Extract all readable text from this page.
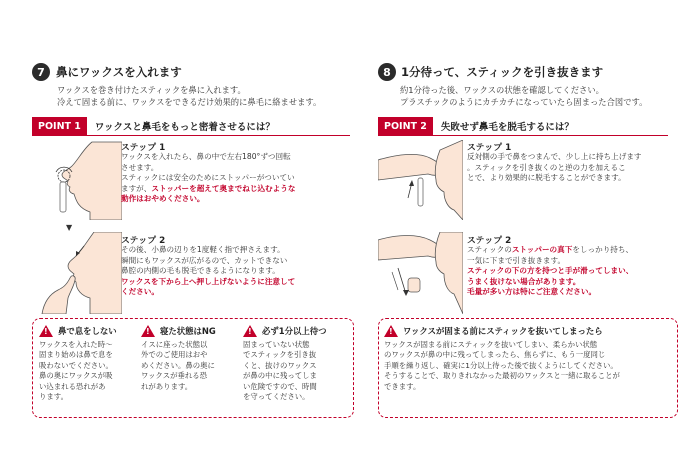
7 鼻にワックスを入れます
ワックスを巻き付けたスティックを鼻に入れます。
冷えて固まる前に、ワックスをできるだけ効果的に鼻毛に絡ませます。
POINT 1	ワックスと鼻毛をもっと密着させるには？
ステップ 1
ワックスを入れたら、鼻の中で左右180°ずつ回転
させます。
スティックには安全のためにストッパーがついてい
ますが、ストッパーを超えて奥までねじ込むような
動作はおやめください。
▼
ステップ 2
その後、小鼻の辺りを1度軽く指で押さえます。
瞬間にもワックスが広がるので、カットできない
鼻腔の内側の毛も脱毛できるようになります。
ワックスを下から上へ押し上げないように注意して
ください。
! 鼻で息をしない
ワックスを入れた時～
固まり始めは鼻で息を
吸わないでください。
鼻の奥にワックスが吸
い込まれる恐れがあ
ります。
! 寝た状態はNG
イスに座った状態以
外でのご使用はおや
めください。鼻の奥に
ワックスが垂れる恐
れがあります。
! 必ず1分以上待つ
固まっていない状態
でスティックを引き抜
くと、抜けのワックス
が鼻の中に残ってしま
い危険ですので、時間
を守ってください。
8 1分待って、スティックを引き抜きます
約1分待った後、ワックスの状態を確認してください。
プラスチックのようにカチカチになっていたら固まった合図です。
POINT 2	失敗せず鼻毛を脱毛するには？
ステップ 1
反対側の手で鼻をつまんで、少し上に持ち上げます
。スティックを引き抜くのと逆の力を加えるこ
とで、より効果的に脱毛することができます。
ステップ 2
スティックのストッパーの真下をしっかり持ち、
一気に下まで引き抜きます。
スティックの下の方を持つと手が滑ってしまい、
うまく抜けない場合があります。
毛量が多い方は特にご注意ください。
! ワックスが固まる前にスティックを抜いてしまったら
ワックスが固まる前にスティックを抜いてしまい、柔らかい状態
のワックスが鼻の中に残ってしまったら、焦らずに、もう一度同じ
手順を繰り返し、確実に1分以上待った後で抜くようにしてください。
そうすることで、取りきれなかった最初のワックスと一緒に取ることが
できます。
